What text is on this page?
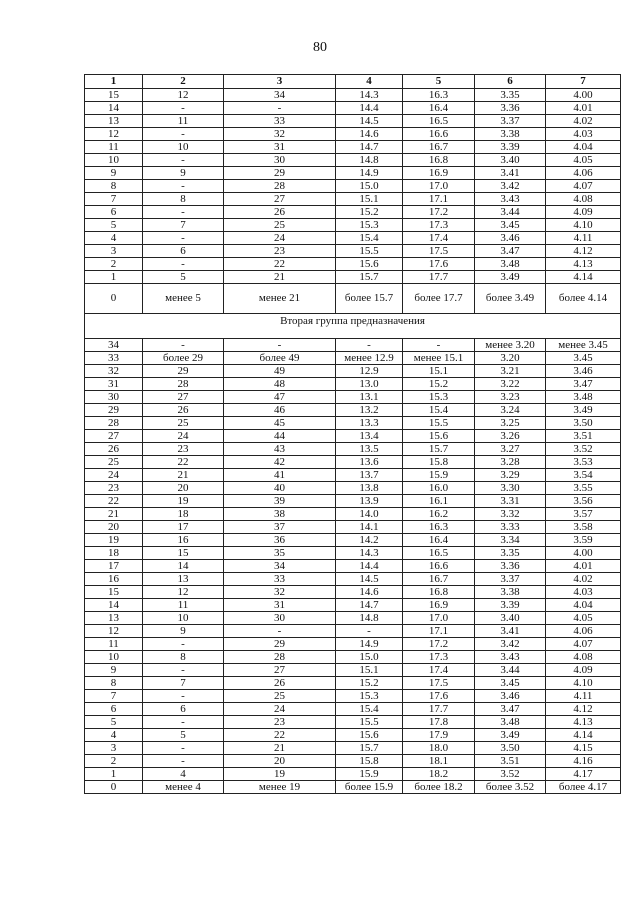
80
1	2	3	4	5	6	7
15	12	34	14.3	16.3	3.35	4.00
14	-	-	14.4	16.4	3.36	4.01
13	11	33	14.5	16.5	3.37	4.02
12	-	32	14.6	16.6	3.38	4.03
11	10	31	14.7	16.7	3.39	4.04
10	-	30	14.8	16.8	3.40	4.05
9	9	29	14.9	16.9	3.41	4.06
8	-	28	15.0	17.0	3.42	4.07
7	8	27	15.1	17.1	3.43	4.08
6	-	26	15.2	17.2	3.44	4.09
5	7	25	15.3	17.3	3.45	4.10
4	-	24	15.4	17.4	3.46	4.11
3	6	23	15.5	17.5	3.47	4.12
2	-	22	15.6	17.6	3.48	4.13
1	5	21	15.7	17.7	3.49	4.14
0	менее 5	менее 21	более 15.7	более 17.7	более 3.49	более 4.14
Вторая группа предназначения						
34	-	-	-	-	менее 3.20	менее 3.45
33	более 29	более 49	менее 12.9	менее 15.1	3.20	3.45
32	29	49	12.9	15.1	3.21	3.46
31	28	48	13.0	15.2	3.22	3.47
30	27	47	13.1	15.3	3.23	3.48
29	26	46	13.2	15.4	3.24	3.49
28	25	45	13.3	15.5	3.25	3.50
27	24	44	13.4	15.6	3.26	3.51
26	23	43	13.5	15.7	3.27	3.52
25	22	42	13.6	15.8	3.28	3.53
24	21	41	13.7	15.9	3.29	3.54
23	20	40	13.8	16.0	3.30	3.55
22	19	39	13.9	16.1	3.31	3.56
21	18	38	14.0	16.2	3.32	3.57
20	17	37	14.1	16.3	3.33	3.58
19	16	36	14.2	16.4	3.34	3.59
18	15	35	14.3	16.5	3.35	4.00
17	14	34	14.4	16.6	3.36	4.01
16	13	33	14.5	16.7	3.37	4.02
15	12	32	14.6	16.8	3.38	4.03
14	11	31	14.7	16.9	3.39	4.04
13	10	30	14.8	17.0	3.40	4.05
12	9	-	-	17.1	3.41	4.06
11	-	29	14.9	17.2	3.42	4.07
10	8	28	15.0	17.3	3.43	4.08
9	-	27	15.1	17.4	3.44	4.09
8	7	26	15.2	17.5	3.45	4.10
7	-	25	15.3	17.6	3.46	4.11
6	6	24	15.4	17.7	3.47	4.12
5	-	23	15.5	17.8	3.48	4.13
4	5	22	15.6	17.9	3.49	4.14
3	-	21	15.7	18.0	3.50	4.15
2	-	20	15.8	18.1	3.51	4.16
1	4	19	15.9	18.2	3.52	4.17
0	менее 4	менее 19	более 15.9	более 18.2	более 3.52	более 4.17
